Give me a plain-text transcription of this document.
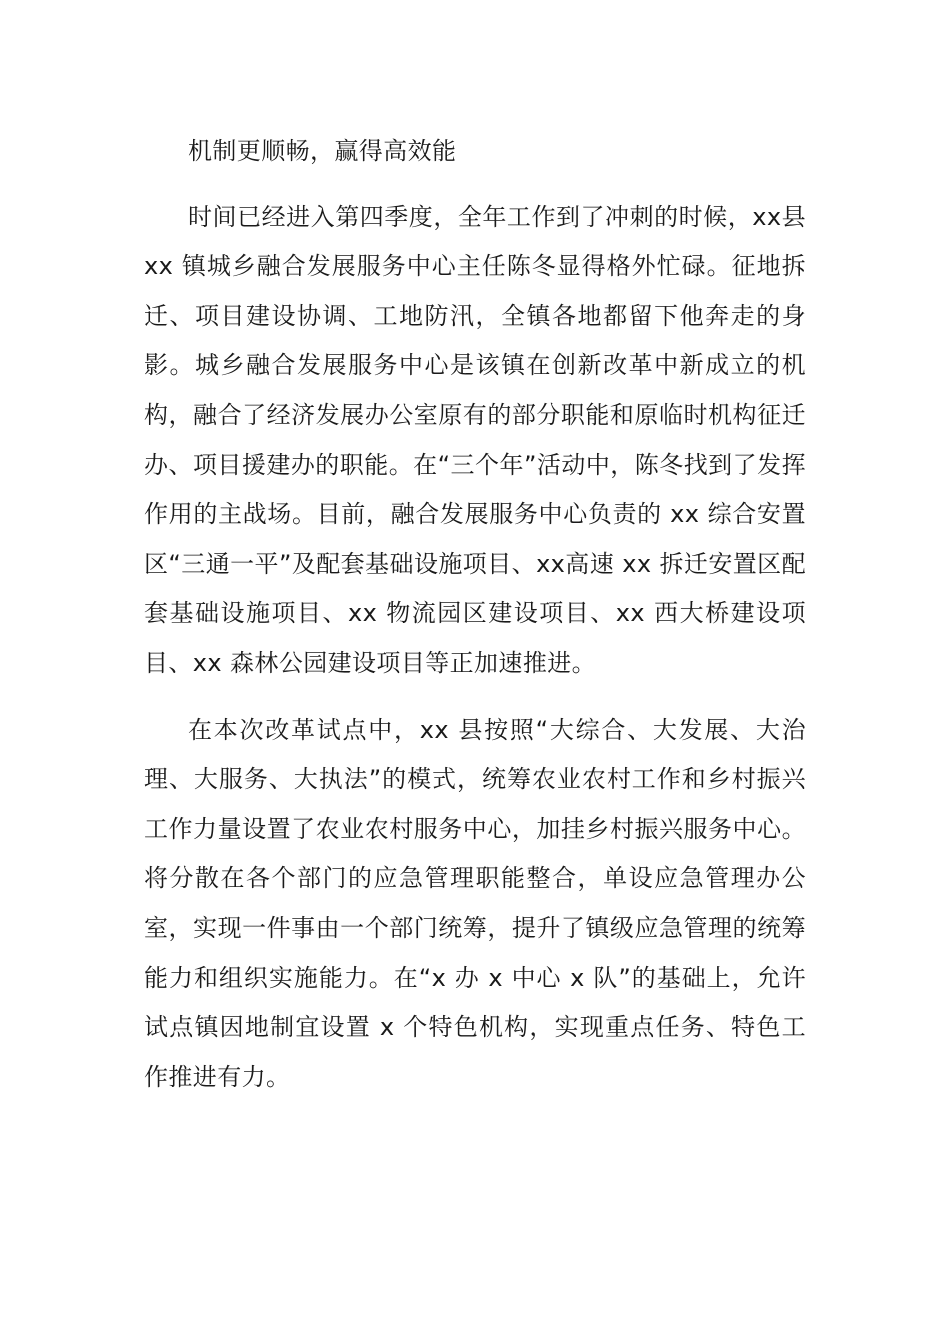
机制更顺畅，赢得高效能

时间已经进入第四季度，全年工作到了冲刺的时候，xx县 xx 镇城乡融合发展服务中心主任陈冬显得格外忙碌。征地拆迁、项目建设协调、工地防汛，全镇各地都留下他奔走的身影。城乡融合发展服务中心是该镇在创新改革中新成立的机构，融合了经济发展办公室原有的部分职能和原临时机构征迁办、项目援建办的职能。在“三个年”活动中，陈冬找到了发挥作用的主战场。目前，融合发展服务中心负责的 xx 综合安置区“三通一平”及配套基础设施项目、xx高速 xx 拆迁安置区配套基础设施项目、xx 物流园区建设项目、xx 西大桥建设项目、xx 森林公园建设项目等正加速推进。

在本次改革试点中，xx 县按照“大综合、大发展、大治理、大服务、大执法”的模式，统筹农业农村工作和乡村振兴工作力量设置了农业农村服务中心，加挂乡村振兴服务中心。将分散在各个部门的应急管理职能整合，单设应急管理办公室，实现一件事由一个部门统筹，提升了镇级应急管理的统筹能力和组织实施能力。在“x 办 x 中心 x 队”的基础上，允许试点镇因地制宜设置 x 个特色机构，实现重点任务、特色工作推进有力。
